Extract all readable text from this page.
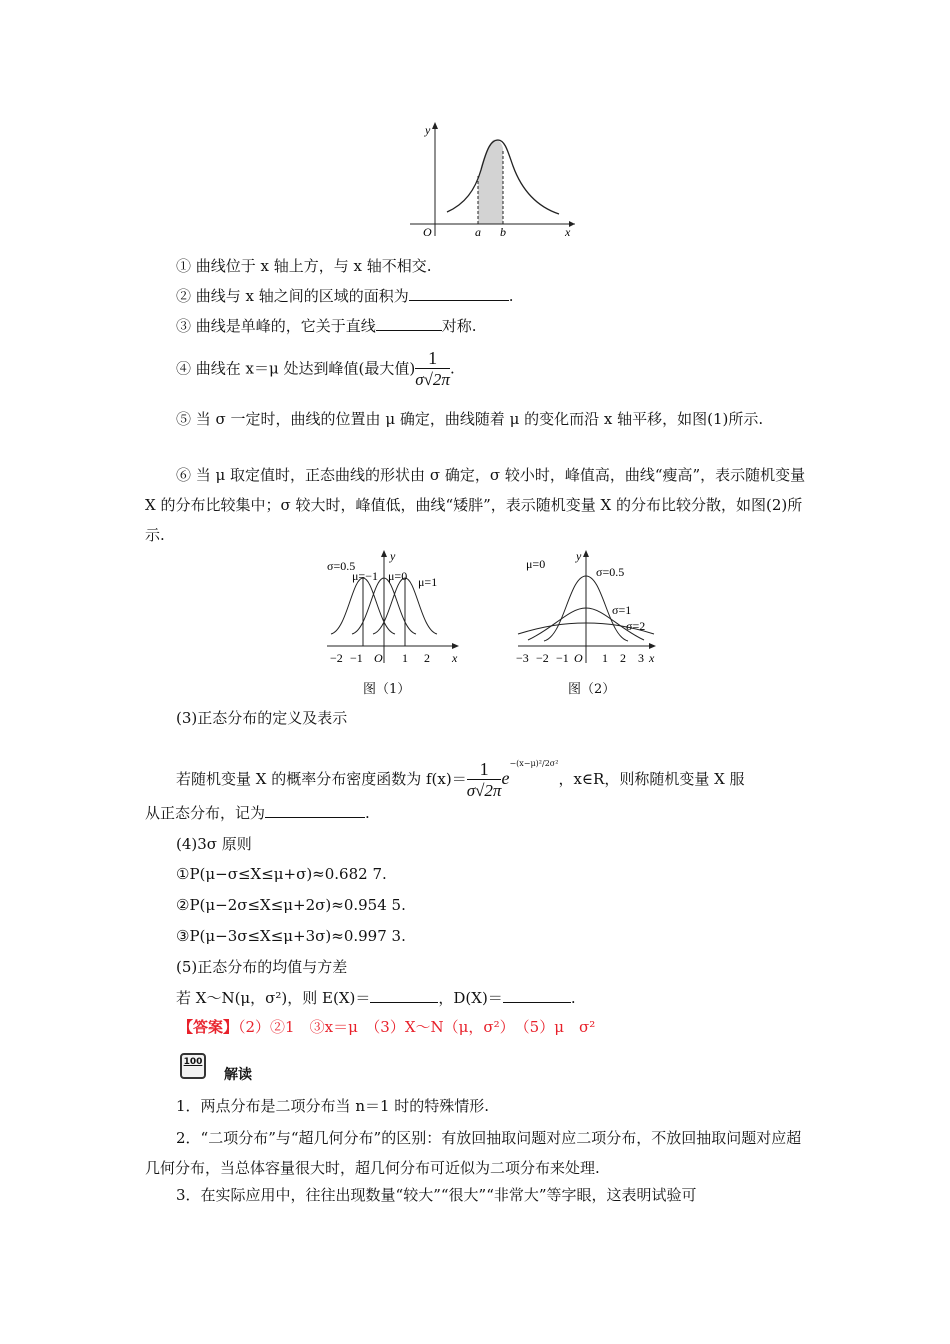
y
x
O	a b
① 曲线位于 x 轴上方，与 x 轴不相交.
② 曲线与 x 轴之间的区域的面积为	.
③ 曲线是单峰的，它关于直线	对称.
④ 曲线在 x＝μ 处达到峰值(最大值) $\frac{1}{\sigma√2\pi}$ .
⑤ 当 σ 一定时，曲线的位置由 μ 确定，曲线随着 μ 的变化而沿 x 轴平移，如图(1)所示.
⑥ 当 μ 取定值时，正态曲线的形状由 σ 确定，σ 较小时，峰值高，曲线“瘦高”，表示随机变量 X 的分布比较集中；σ 较大时，峰值低，曲线“矮胖”，表示随机变量 X 的分布比较分散，如图(2)所示.
σ=0.5
μ=−1 μ=0 μ=1
y
x
−2 −1 O 1 2
图（1）
μ=0
σ=0.5
σ=1
σ=2
y
x
−3 −2 −1 O 1 2 3
图（2）
(3)正态分布的定义及表示
若随机变量 X 的概率分布密度函数为 $f(x)= \frac{1}{\sigma√2\pi} e^{-(x-\mu)^2/2\sigma^2}$，x∈R，则称随机变量 X 服
从正态分布，记为	.
(4)3σ 原则
①P(μ−σ≤X≤μ+σ)≈0.682 7.
②P(μ−2σ≤X≤μ+2σ)≈0.954 5.
③P(μ−3σ≤X≤μ+3σ)≈0.997 3.
(5)正态分布的均值与方差
若 X～N(μ，σ²)，则 E(X)＝	，D(X)＝	.
【答案】（2）②1　③x＝μ　（3）X～N（μ，σ²）　（5）μ　σ²
100
解读
1．两点分布是二项分布当 n＝1 时的特殊情形.
2．“二项分布”与“超几何分布”的区别：有放回抽取问题对应二项分布，不放回抽取问题对应超几何分布，当总体容量很大时，超几何分布可近似为二项分布来处理.
3．在实际应用中，往往出现数量“较大”“很大”“非常大”等字眼，这表明试验可
